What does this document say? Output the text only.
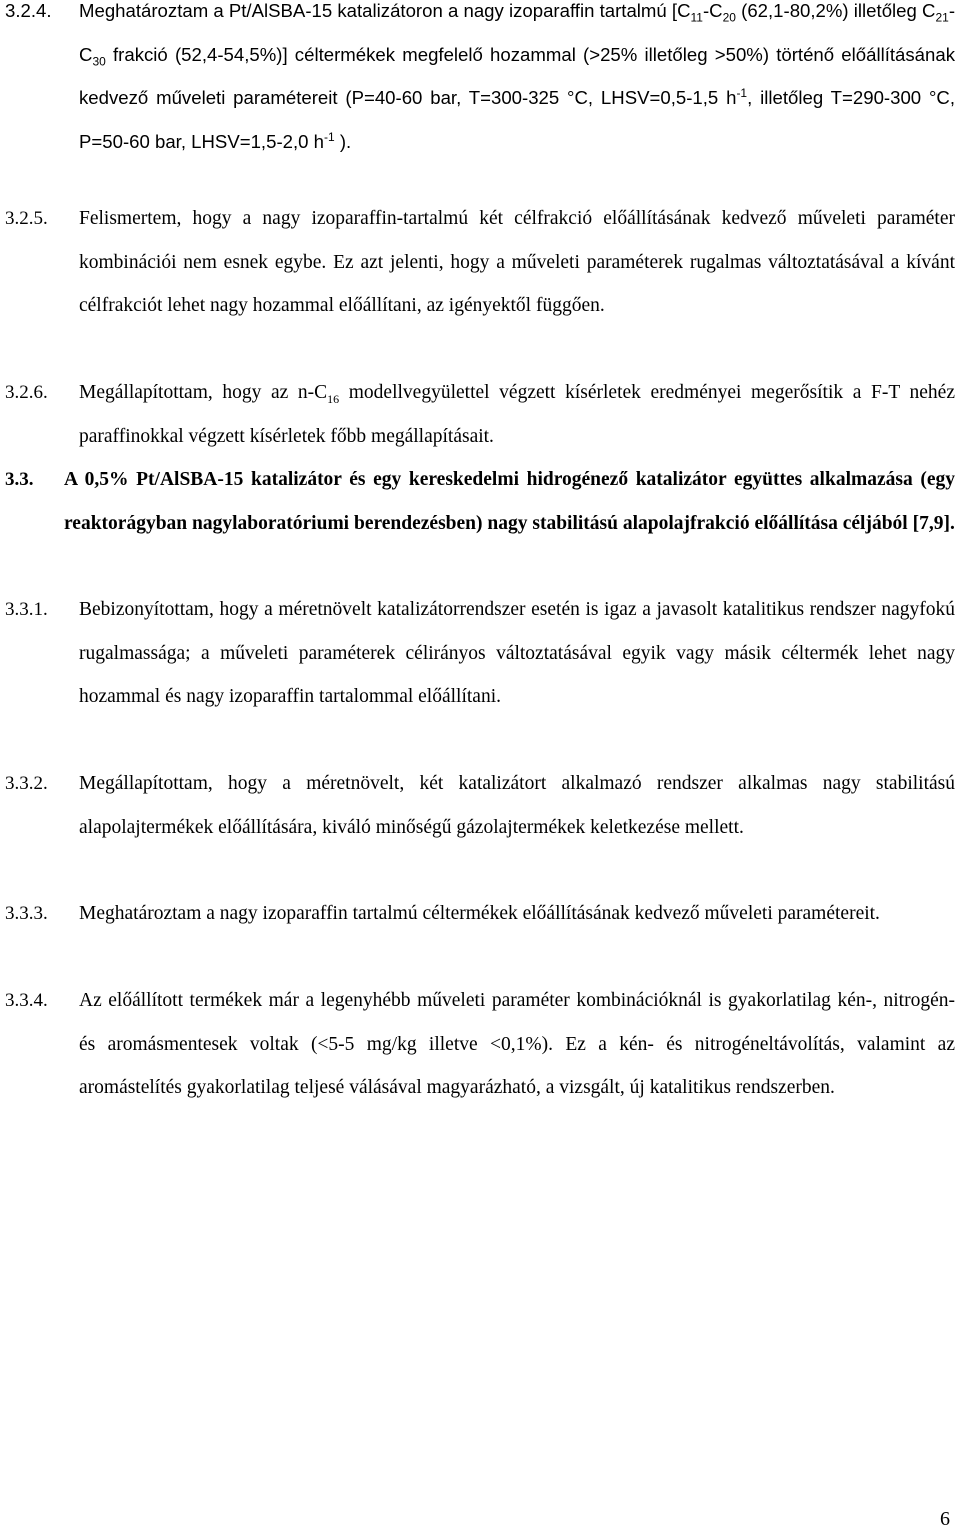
3.2.4. Meghatároztam a Pt/AlSBA-15 katalizátoron a nagy izoparaffin tartalmú [$C_{11}-C_{20}$ (62,1-80,2%) illetőleg $C_{21}-C_{30}$ frakció (52,4-54,5%)] céltermékek megfelelő hozammal (>25% illetőleg >50%) történő előállításának kedvező műveleti paramétereit (P=40-60 bar, T=300-325 °C, LHSV=0,5-1,5 $h^{-1}$, illetőleg T=290-300 °C, P=50-60 bar, LHSV=1,5-2,0 $h^{-1}$ ).
3.2.5. Felismertem, hogy a nagy izoparaffin-tartalmú két célfrakció előállításának kedvező műveleti paraméter kombinációi nem esnek egybe. Ez azt jelenti, hogy a műveleti paraméterek rugalmas változtatásával a kívánt célfrakciót lehet nagy hozammal előállítani, az igényektől függően.
3.2.6. Megállapítottam, hogy az $n-C_{16}$ modellvegyülettel végzett kísérletek eredményei megerősítik a F-T nehéz paraffinokkal végzett kísérletek főbb megállapításait.
3.3. A 0,5% Pt/AlSBA-15 katalizátor és egy kereskedelmi hidrogénező katalizátor együttes alkalmazása (egy reaktorágyban nagylaboratóriumi berendezésben) nagy stabilitású alapolajfrakció előállítása céljából [7,9].
3.3.1. Bebizonyítottam, hogy a méretnövelt katalizátorrendszer esetén is igaz a javasolt katalitikus rendszer nagyfokú rugalmassága; a műveleti paraméterek célirányos változtatásával egyik vagy másik céltermék lehet nagy hozammal és nagy izoparaffin tartalommal előállítani.
3.3.2. Megállapítottam, hogy a méretnövelt, két katalizátort alkalmazó rendszer alkalmas nagy stabilitású alapolajtermékek előállítására, kiváló minőségű gázolajtermékek keletkezése mellett.
3.3.3. Meghatároztam a nagy izoparaffin tartalmú céltermékek előállításának kedvező műveleti paramétereit.
3.3.4. Az előállított termékek már a legenyhébb műveleti paraméter kombinációknál is gyakorlatilag kén-, nitrogén- és aromásmentesek voltak (<5-5 mg/kg illetve <0,1%). Ez a kén- és nitrogéneltávolítás, valamint az aromástelítés gyakorlatilag teljesé válásával magyarázható, a vizsgált, új katalitikus rendszerben.
6
